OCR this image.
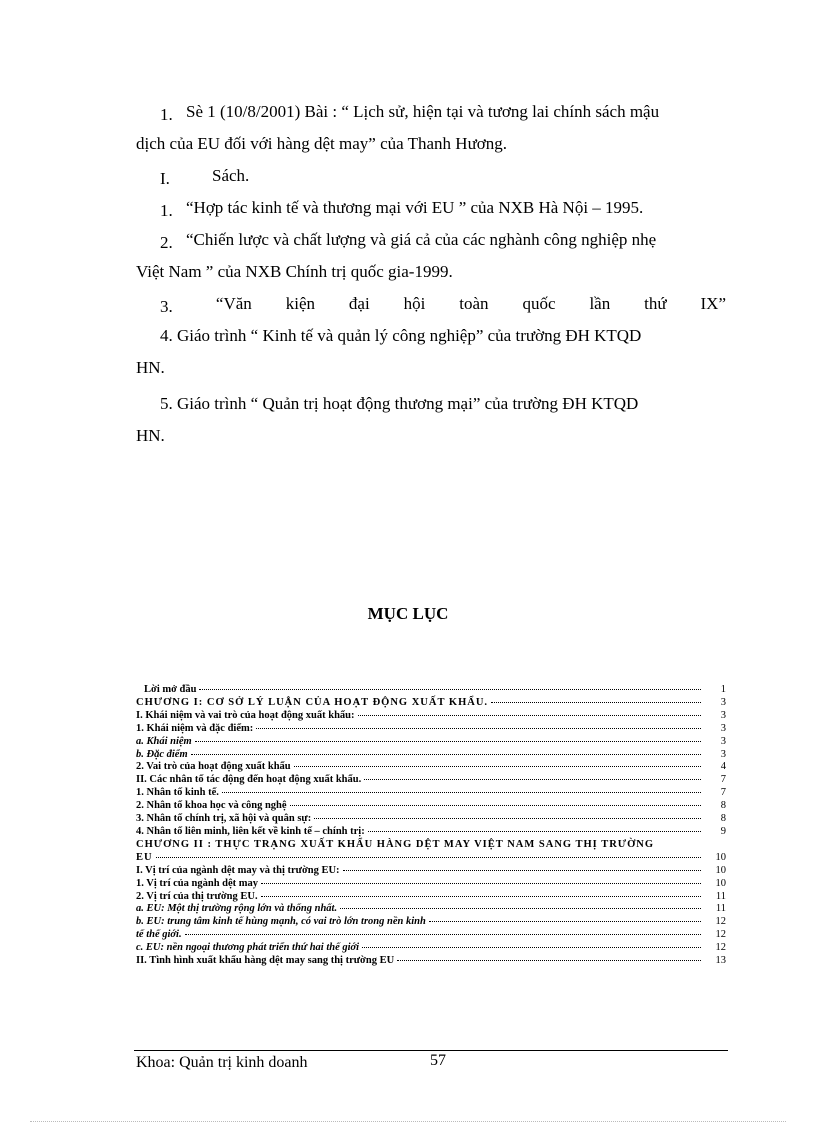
1. Sè 1 (10/8/2001) Bài : “ Lịch sử, hiện tại và tương lai chính sách mậu
dịch của EU đối với hàng dệt may” của Thanh Hương.
I. Sách.
1. “Hợp tác kinh tế và thương mại với EU ” của NXB Hà Nội – 1995.
2. “Chiến lược và chất lượng và giá cả của các nghành công nghiệp nhẹ
Việt Nam ” của NXB Chính trị quốc gia-1999.
3.	“Văn kiện đại hội toàn quốc lần thứ IX”
4. Giáo trình “ Kinh tế và quản lý công nghiệp” của trường ĐH KTQD
HN.
5. Giáo trình “ Quản trị hoạt động thương mại” của trường ĐH KTQD
HN.
MỤC LỤC
Lời mở đầu	1
CHƯƠNG I: CƠ SỞ LÝ LUẬN CỦA HOẠT ĐỘNG XUẤT KHẨU.	3
I. Khái niệm và vai trò của hoạt động xuất khẩu:	3
1. Khái niệm và đặc điểm:	3
a. Khái niệm	3
b. Đặc điểm	3
2. Vai trò của hoạt động xuất khẩu	4
II. Các nhân tố tác động đến hoạt động xuất khẩu.	7
1. Nhân tố kinh tế.	7
2. Nhân tố khoa học và công nghệ	8
3. Nhân tố chính trị, xã hội và quân sự:	8
4. Nhân tố liên minh, liên kết về kinh tế – chính trị:	9
CHƯƠNG II : THỰC TRẠNG XUẤT KHẨU HÀNG DỆT MAY VIỆT NAM SANG THỊ TRƯỜNG
EU	10
I. Vị trí của ngành dệt may và thị trường EU:	10
1. Vị trí của ngành dệt may	10
2. Vị trí của thị trường EU.	11
a. EU: Một thị trường rộng lớn và thống nhất.	11
b. EU: trung tâm kinh tế hùng mạnh, có vai trò lớn trong nền kinh	12
tế thế giới.	12
c. EU: nền ngoại thương phát triển thứ hai thế giới	12
II. Tình hình xuất khẩu hàng dệt may sang thị trường EU	13
Khoa: Quản trị kinh doanh	57
